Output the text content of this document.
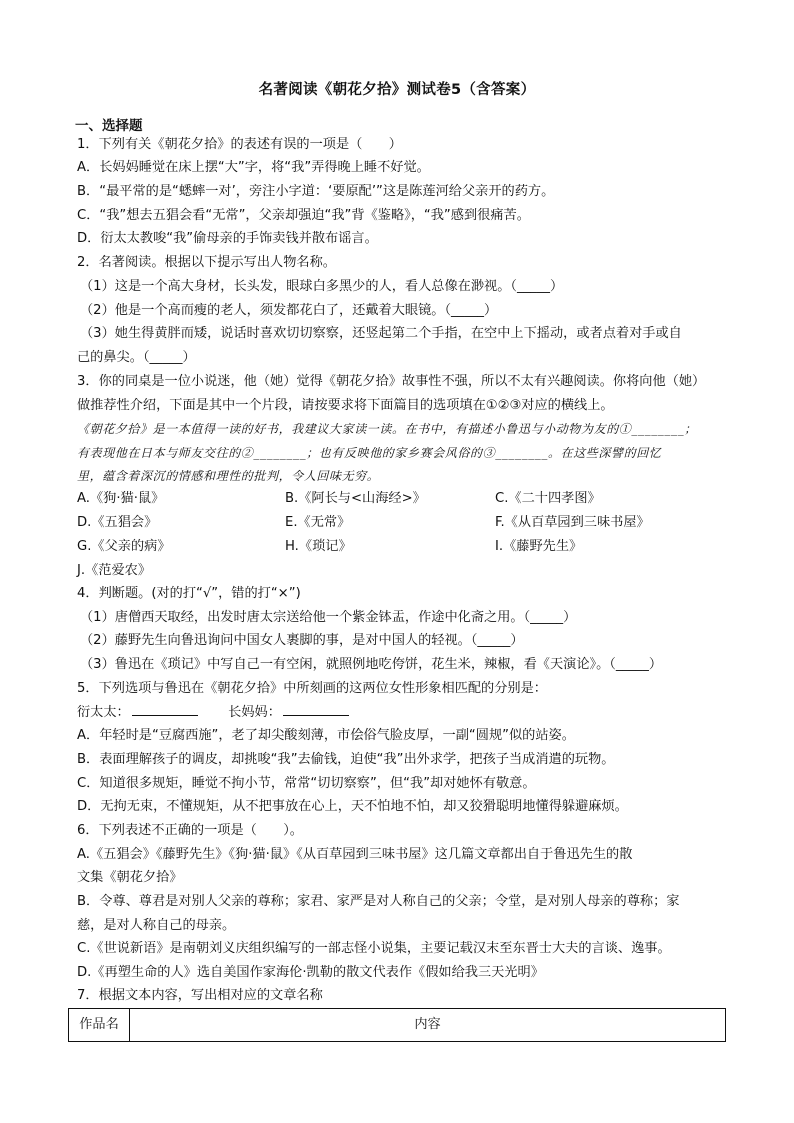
名著阅读《朝花夕拾》测试卷5（含答案）
一、选择题
1．下列有关《朝花夕拾》的表述有误的一项是（　　）
A．长妈妈睡觉在床上摆“大”字，将“我”弄得晚上睡不好觉。
B．“最平常的是“蟋蟀一对’，旁注小字道：‘要原配’”这是陈莲河给父亲开的药方。
C．“我”想去五猖会看“无常”，父亲却强迫“我”背《鉴略》，“我”感到很痛苦。
D．衍太太教唆“我”偷母亲的手饰卖钱并散布谣言。
2．名著阅读。根据以下提示写出人物名称。
（1）这是一个高大身材，长头发，眼球白多黑少的人，看人总像在渺视。（_____）
（2）他是一个高而瘦的老人，须发都花白了，还戴着大眼镜。（_____）
（3）她生得黄胖而矮，说话时喜欢切切察察，还竖起第二个手指，在空中上下摇动，或者点着对手或自
己的鼻尖。（_____）
3．你的同桌是一位小说迷，他（她）觉得《朝花夕拾》故事性不强，所以不太有兴趣阅读。你将向他（她）
做推荐性介绍，下面是其中一个片段，请按要求将下面篇目的选项填在①②③对应的横线上。
《朝花夕拾》是一本值得一读的好书，我建议大家读一读。在书中，有描述小鲁迅与小动物为友的①________；
有表现他在日本与师友交往的②________；也有反映他的家乡赛会风俗的③________。在这些深譬的回忆
里，蕴含着深沉的情感和理性的批判，令人回味无穷。
A.《狗·猫·鼠》	B.《阿长与<山海经>》	C.《二十四孝图》
D.《五猖会》	E.《无常》	F.《从百草园到三味书屋》
G.《父亲的病》	H.《琐记》	I.《藤野先生》
J.《范爱农》
4．判断题。(对的打“√”，错的打“×”)
（1）唐僧西天取经，出发时唐太宗送给他一个紫金钵盂，作途中化斋之用。（_____）
（2）藤野先生向鲁迅询问中国女人裹脚的事，是对中国人的轻视。（_____）
（3）鲁迅在《琐记》中写自己一有空闲，就照例地吃侉饼，花生米，辣椒，看《天演论》。（_____）
5．下列选项与鲁迅在《朝花夕拾》中所刻画的这两位女性形象相匹配的分别是：
衍太太：	长妈妈：
A．年轻时是“豆腐西施”，老了却尖酸刻薄，市侩俗气脸皮厚，一副“圆规”似的站姿。
B．表面理解孩子的调皮，却挑唆“我”去偷钱，迫使“我”出外求学，把孩子当成消遣的玩物。
C．知道很多规矩，睡觉不拘小节，常常“切切察察”，但“我”却对她怀有敬意。
D．无拘无束，不懂规矩，从不把事放在心上，天不怕地不怕，却又狡猾聪明地懂得躲避麻烦。
6．下列表述不正确的一项是（　　）。
A.《五猖会》《藤野先生》《狗·猫·鼠》《从百草园到三味书屋》这几篇文章都出自于鲁迅先生的散
文集《朝花夕拾》
B．令尊、尊君是对别人父亲的尊称；家君、家严是对人称自己的父亲；令堂，是对别人母亲的尊称；家
慈，是对人称自己的母亲。
C.《世说新语》是南朝刘义庆组织编写的一部志怪小说集，主要记载汉末至东晋士大夫的言谈、逸事。
D.《再塑生命的人》选自美国作家海伦·凯勒的散文代表作《假如给我三天光明》
7．根据文本内容，写出相对应的文章名称
作品名	内容
